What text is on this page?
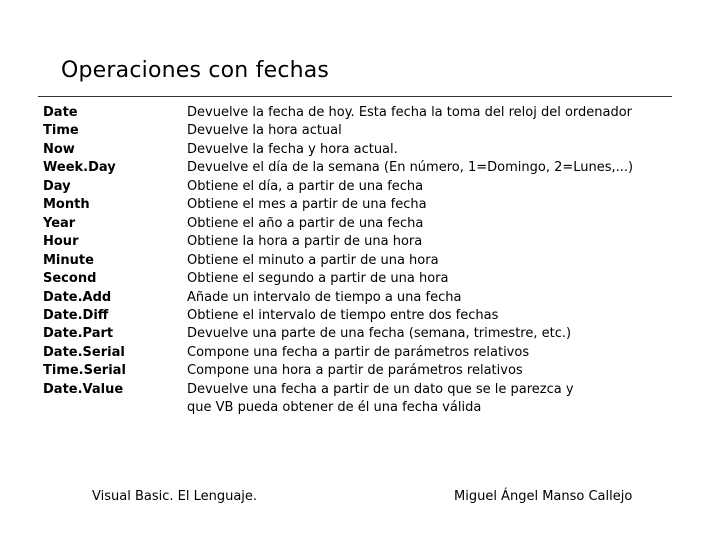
Operaciones con fechas
Date	Devuelve la fecha de hoy. Esta fecha la toma del reloj del ordenador
Time	Devuelve la hora actual
Now	Devuelve la fecha y hora actual.
Week.Day	Devuelve el día de la semana (En número, 1=Domingo, 2=Lunes,...)
Day	Obtiene el día, a partir de una fecha
Month	Obtiene el mes a partir de una fecha
Year	Obtiene el año a partir de una fecha
Hour	Obtiene la hora a partir de una hora
Minute	Obtiene el minuto a partir de una hora
Second	Obtiene el segundo a partir de una hora
Date.Add	Añade un intervalo de tiempo a una fecha
Date.Diff	Obtiene el intervalo de tiempo entre dos fechas
Date.Part	Devuelve una parte de una fecha (semana, trimestre, etc.)
Date.Serial	Compone una fecha a partir de parámetros relativos
Time.Serial	Compone una hora a partir de parámetros relativos
Date.Value	Devuelve una fecha a partir de un dato que se le parezca y
que VB pueda obtener de él una fecha válida
Visual Basic. El Lenguaje.	Miguel Ángel Manso Callejo
